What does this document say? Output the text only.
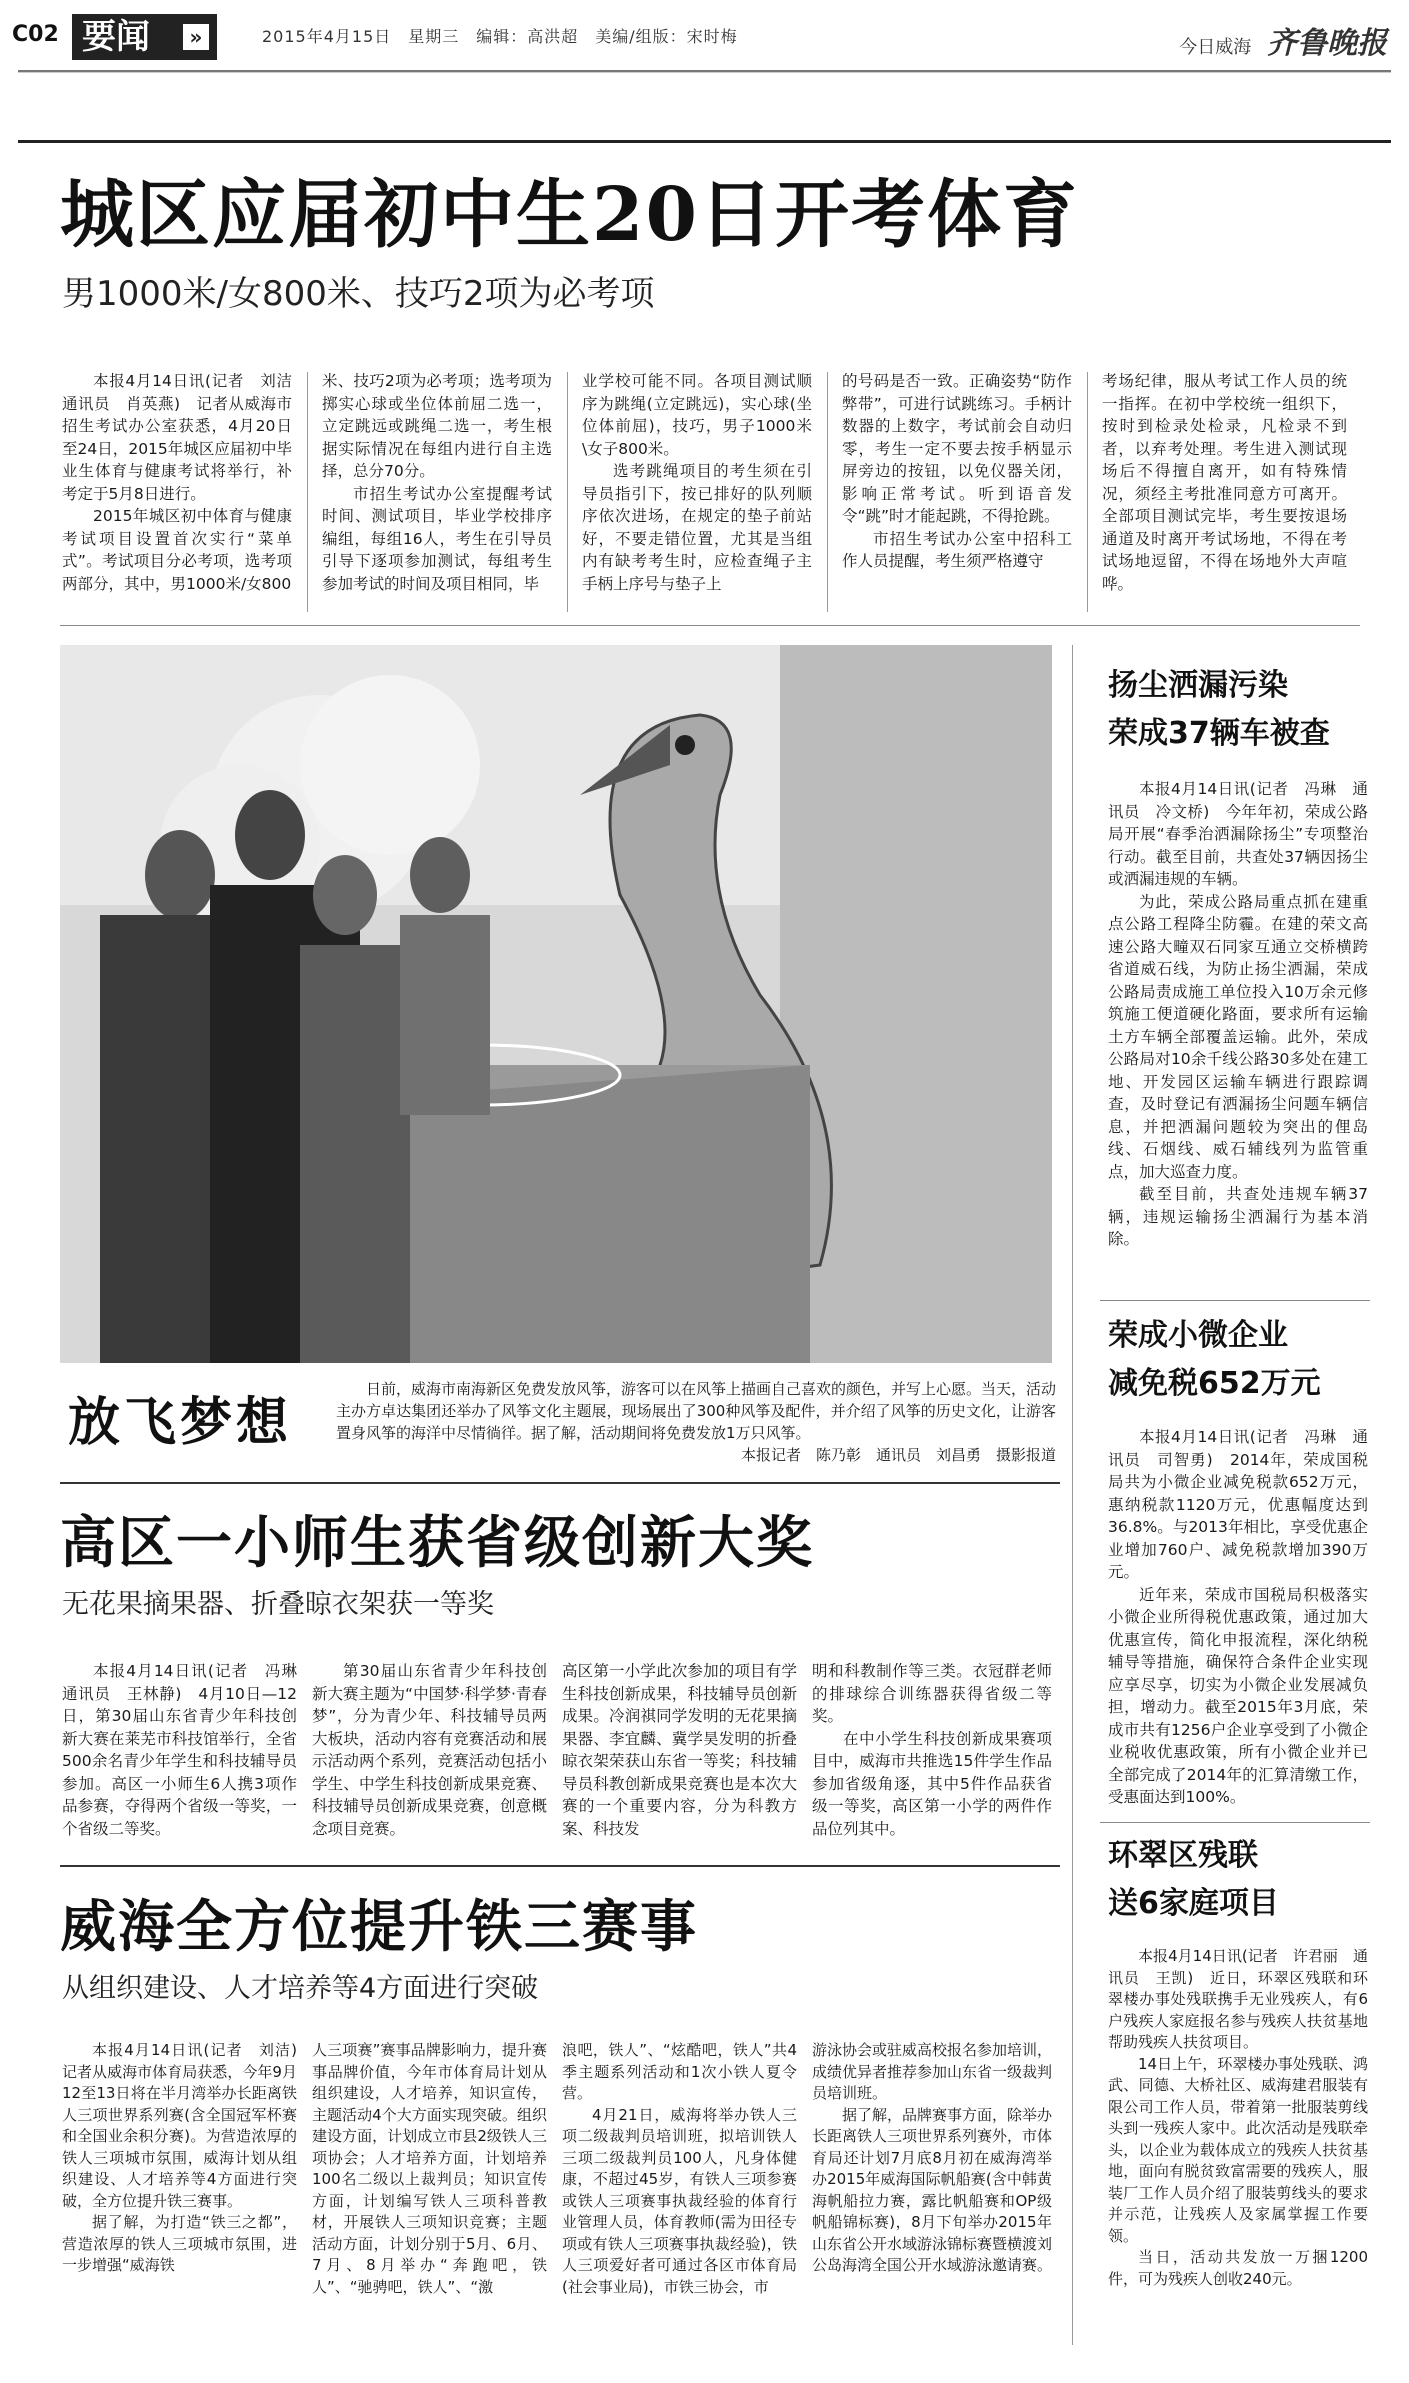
C02 要闻	»	2015年4月15日　星期三　编辑：高洪超　美编/组版：宋时梅
今日威海 齐鲁晚报
城区应届初中生20日开考体育
男1000米/女800米、技巧2项为必考项

本报4月14日讯(记者　刘洁　通讯员　肖英燕)　记者从威海市招生考试办公室获悉，4月20日至24日，2015年城区应届初中毕业生体育与健康考试将举行，补考定于5月8日进行。

2015年城区初中体育与健康考试项目设置首次实行“菜单式”。考试项目分必考项，选考项两部分，其中，男1000米/女800

米、技巧2项为必考项；选考项为掷实心球或坐位体前屈二选一，立定跳远或跳绳二选一，考生根据实际情况在每组内进行自主选择，总分70分。

市招生考试办公室提醒考试时间、测试项目，毕业学校排序编组，每组16人，考生在引导员引导下逐项参加测试，每组考生参加考试的时间及项目相同，毕

业学校可能不同。各项目测试顺序为跳绳(立定跳远)，实心球(坐位体前屈)，技巧，男子1000米\女子800米。

选考跳绳项目的考生须在引导员指引下，按已排好的队列顺序依次进场，在规定的垫子前站好，不要走错位置，尤其是当组内有缺考考生时，应检查绳子主手柄上序号与垫子上

的号码是否一致。正确姿势“防作弊带”，可进行试跳练习。手柄计数器的上数字，考试前会自动归零，考生一定不要去按手柄显示屏旁边的按钮，以免仪器关闭，影响正常考试。听到语音发令“跳”时才能起跳，不得抢跳。

市招生考试办公室中招科工作人员提醒，考生须严格遵守

考场纪律，服从考试工作人员的统一指挥。在初中学校统一组织下，按时到检录处检录，凡检录不到者，以弃考处理。考生进入测试现场后不得擅自离开，如有特殊情况，须经主考批准同意方可离开。全部项目测试完毕，考生要按退场通道及时离开考试场地，不得在考试场地逗留，不得在场地外大声喧哗。

放飞梦想

日前，威海市南海新区免费发放风筝，游客可以在风筝上描画自己喜欢的颜色，并写上心愿。当天，活动主办方卓达集团还举办了风筝文化主题展，现场展出了300种风筝及配件，并介绍了风筝的历史文化，让游客置身风筝的海洋中尽情徜徉。据了解，活动期间将免费发放1万只风筝。

本报记者　陈乃彰　通讯员　刘昌勇　摄影报道

高区一小师生获省级创新大奖
无花果摘果器、折叠晾衣架获一等奖

本报4月14日讯(记者　冯琳　通讯员　王林静)　4月10日—12日，第30届山东省青少年科技创新大赛在莱芜市科技馆举行，全省500余名青少年学生和科技辅导员参加。高区一小师生6人携3项作品参赛，夺得两个省级一等奖，一个省级二等奖。

第30届山东省青少年科技创新大赛主题为“中国梦·科学梦·青春梦”，分为青少年、科技辅导员两大板块，活动内容有竞赛活动和展示活动两个系列，竞赛活动包括小学生、中学生科技创新成果竞赛、科技辅导员创新成果竞赛，创意概念项目竞赛。

高区第一小学此次参加的项目有学生科技创新成果，科技辅导员创新成果。冷润祺同学发明的无花果摘果器、李宜麟、冀学昊发明的折叠晾衣架荣获山东省一等奖；科技辅导员科教创新成果竞赛也是本次大赛的一个重要内容，分为科教方案、科技发

明和科教制作等三类。衣冠群老师的排球综合训练器获得省级二等奖。

在中小学生科技创新成果赛项目中，威海市共推选15件学生作品参加省级角逐，其中5件作品获省级一等奖，高区第一小学的两件作品位列其中。

威海全方位提升铁三赛事
从组织建设、人才培养等4方面进行突破

本报4月14日讯(记者　刘洁)　记者从威海市体育局获悉，今年9月12至13日将在半月湾举办长距离铁人三项世界系列赛(含全国冠军杯赛和全国业余积分赛)。为营造浓厚的铁人三项城市氛围，威海计划从组织建设、人才培养等4方面进行突破，全方位提升铁三赛事。

据了解，为打造“铁三之都”，营造浓厚的铁人三项城市氛围，进一步增强“威海铁

人三项赛”赛事品牌影响力，提升赛事品牌价值，今年市体育局计划从组织建设，人才培养，知识宣传，主题活动4个大方面实现突破。组织建设方面，计划成立市县2级铁人三项协会；人才培养方面，计划培养100名二级以上裁判员；知识宣传方面，计划编写铁人三项科普教材，开展铁人三项知识竞赛；主题活动方面，计划分别于5月、6月、7月、8月举办“奔跑吧，铁人”、“驰骋吧，铁人”、“激

浪吧，铁人”、“炫酷吧，铁人”共4季主题系列活动和1次小铁人夏令营。

4月21日，威海将举办铁人三项二级裁判员培训班，拟培训铁人三项二级裁判员100人，凡身体健康，不超过45岁，有铁人三项参赛或铁人三项赛事执裁经验的体育行业管理人员，体育教师(需为田径专项或有铁人三项赛事执裁经验)，铁人三项爱好者可通过各区市体育局(社会事业局)，市铁三协会，市

游泳协会或驻威高校报名参加培训，成绩优异者推荐参加山东省一级裁判员培训班。

据了解，品牌赛事方面，除举办长距离铁人三项世界系列赛外，市体育局还计划7月底8月初在威海湾举办2015年威海国际帆船赛(含中韩黄海帆船拉力赛，露比帆船赛和OP级帆船锦标赛)，8月下旬举办2015年山东省公开水域游泳锦标赛暨横渡刘公岛海湾全国公开水域游泳邀请赛。

扬尘洒漏污染
荣成37辆车被查

本报4月14日讯(记者　冯琳　通讯员　冷文桥)　今年年初，荣成公路局开展“春季治洒漏除扬尘”专项整治行动。截至目前，共查处37辆因扬尘或洒漏违规的车辆。

为此，荣成公路局重点抓在建重点公路工程降尘防霾。在建的荣文高速公路大疃双石同家互通立交桥横跨省道威石线，为防止扬尘洒漏，荣成公路局责成施工单位投入10万余元修筑施工便道硬化路面，要求所有运输土方车辆全部覆盖运输。此外，荣成公路局对10余千线公路30多处在建工地、开发园区运输车辆进行跟踪调查，及时登记有洒漏扬尘问题车辆信息，并把洒漏问题较为突出的俚岛线、石烟线、威石辅线列为监管重点，加大巡查力度。

截至目前，共查处违规车辆37辆，违规运输扬尘洒漏行为基本消除。

荣成小微企业
减免税652万元

本报4月14日讯(记者　冯琳　通讯员　司智勇)　2014年，荣成国税局共为小微企业减免税款652万元，惠纳税款1120万元，优惠幅度达到36.8%。与2013年相比，享受优惠企业增加760户、减免税款增加390万元。

近年来，荣成市国税局积极落实小微企业所得税优惠政策，通过加大优惠宣传，简化申报流程，深化纳税辅导等措施，确保符合条件企业实现应享尽享，切实为小微企业发展减负担，增动力。截至2015年3月底，荣成市共有1256户企业享受到了小微企业税收优惠政策，所有小微企业并已全部完成了2014年的汇算清缴工作，受惠面达到100%。

环翠区残联
送6家庭项目

本报4月14日讯(记者　许君丽　通讯员　王凯)　近日，环翠区残联和环翠楼办事处残联携手无业残疾人，有6户残疾人家庭报名参与残疾人扶贫基地帮助残疾人扶贫项目。

14日上午，环翠楼办事处残联、鸿武、同德、大桥社区、威海建君服装有限公司工作人员，带着第一批服装剪线头到一残疾人家中。此次活动是残联牵头，以企业为载体成立的残疾人扶贫基地，面向有脱贫致富需要的残疾人，服装厂工作人员介绍了服装剪线头的要求并示范，让残疾人及家属掌握工作要领。

当日，活动共发放一万捆1200件，可为残疾人创收240元。
